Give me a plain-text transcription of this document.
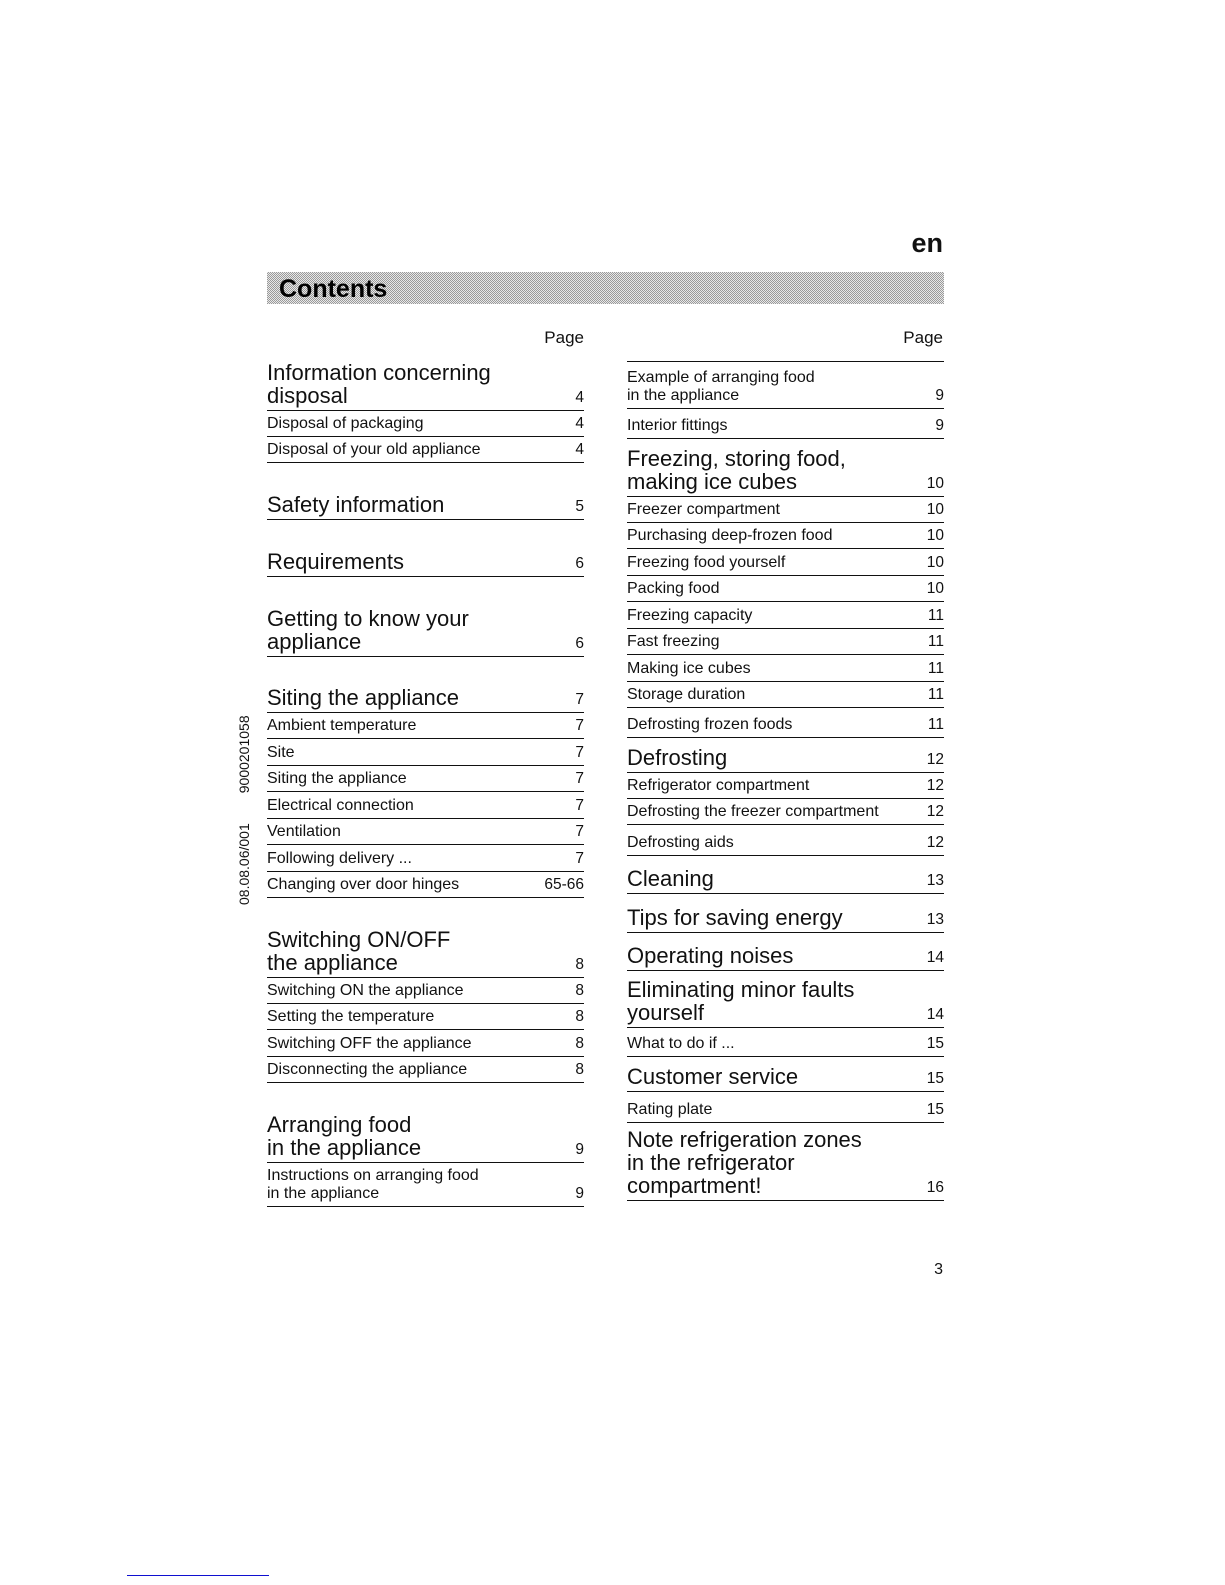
en
Contents
Page	Page
08.08.06/0019000201058
Information concerning
disposal	4
Disposal of packaging	4
Disposal of your old appliance	4
Safety information	5
Requirements	6
Getting to know your
appliance	6
Siting the appliance	7
Ambient temperature	7
Site	7
Siting the appliance	7
Electrical connection	7
Ventilation	7
Following delivery ...	7
Changing over door hinges	65-66
Switching ON/OFF
the appliance	8
Switching ON the appliance	8
Setting the temperature	8
Switching OFF the appliance	8
Disconnecting the appliance	8
Arranging food
in the appliance	9
Instructions on arranging food
in the appliance	9
Example of arranging food
in the appliance	9
Interior fittings	9
Freezing, storing food,
making ice cubes	10
Freezer compartment	10
Purchasing deep-frozen food	10
Freezing food yourself	10
Packing food	10
Freezing capacity	11
Fast freezing	11
Making ice cubes	11
Storage duration	11
Defrosting frozen foods	11
Defrosting	12
Refrigerator compartment	12
Defrosting the freezer compartment	12
Defrosting aids	12
Cleaning	13
Tips for saving energy	13
Operating noises	14
Eliminating minor faults
yourself	14
What to do if ...	15
Customer service	15
Rating plate	15
Note refrigeration zones
in the refrigerator
compartment!	16
3
